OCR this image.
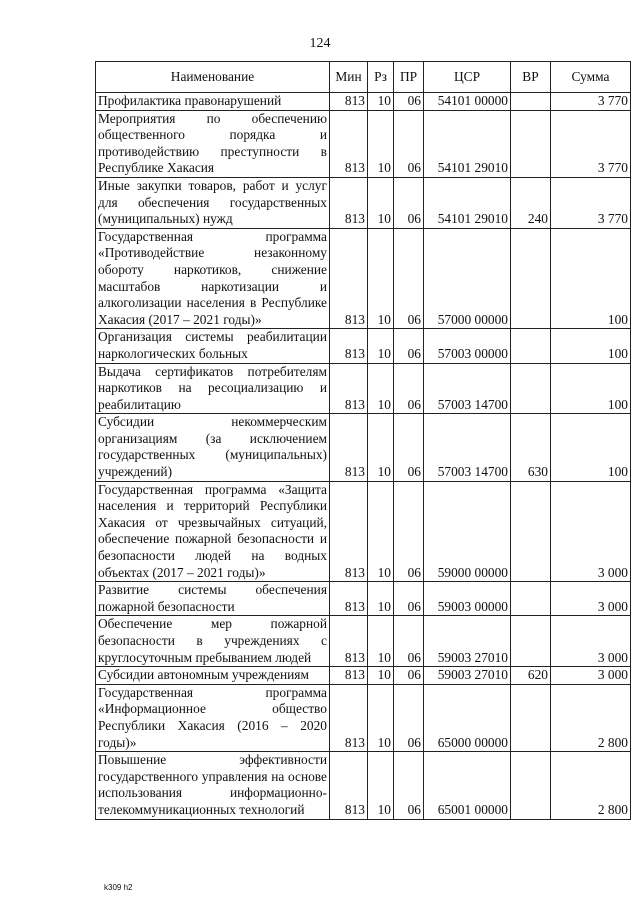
124
Наименование	Мин	Рз	ПР	ЦСР	ВР	Сумма
Профилактика правонарушений	813	10	06	54101 00000		3 770
Мероприятия по обеспечению общественного порядка и противодействию преступности в Республике Хакасия	813	10	06	54101 29010		3 770
Иные закупки товаров, работ и услуг для обеспечения государственных (муниципальных) нужд	813	10	06	54101 29010	240	3 770
Государственная программа «Противодействие незаконному обороту наркотиков, снижение масштабов наркотизации и алкоголизации населения в Республике Хакасия (2017 – 2021 годы)»	813	10	06	57000 00000		100
Организация системы реабилитации наркологических больных	813	10	06	57003 00000		100
Выдача сертификатов потребителям наркотиков на ресоциализацию и реабилитацию	813	10	06	57003 14700		100
Субсидии некоммерческим организациям (за исключением государственных (муниципальных) учреждений)	813	10	06	57003 14700	630	100
Государственная программа «Защита населения и территорий Республики Хакасия от чрезвычайных ситуаций, обеспечение пожарной безопасности и безопасности людей на водных объектах (2017 – 2021 годы)»	813	10	06	59000 00000		3 000
Развитие системы обеспечения пожарной безопасности	813	10	06	59003 00000		3 000
Обеспечение мер пожарной безопасности в учреждениях с круглосуточным пребыванием людей	813	10	06	59003 27010		3 000
Субсидии автономным учреждениям	813	10	06	59003 27010	620	3 000
Государственная программа «Информационное общество Республики Хакасия (2016 – 2020 годы)»	813	10	06	65000 00000		2 800
Повышение эффективности государственного управления на основе использования информационно-телекоммуникационных технологий	813	10	06	65001 00000		2 800
k309 h2
